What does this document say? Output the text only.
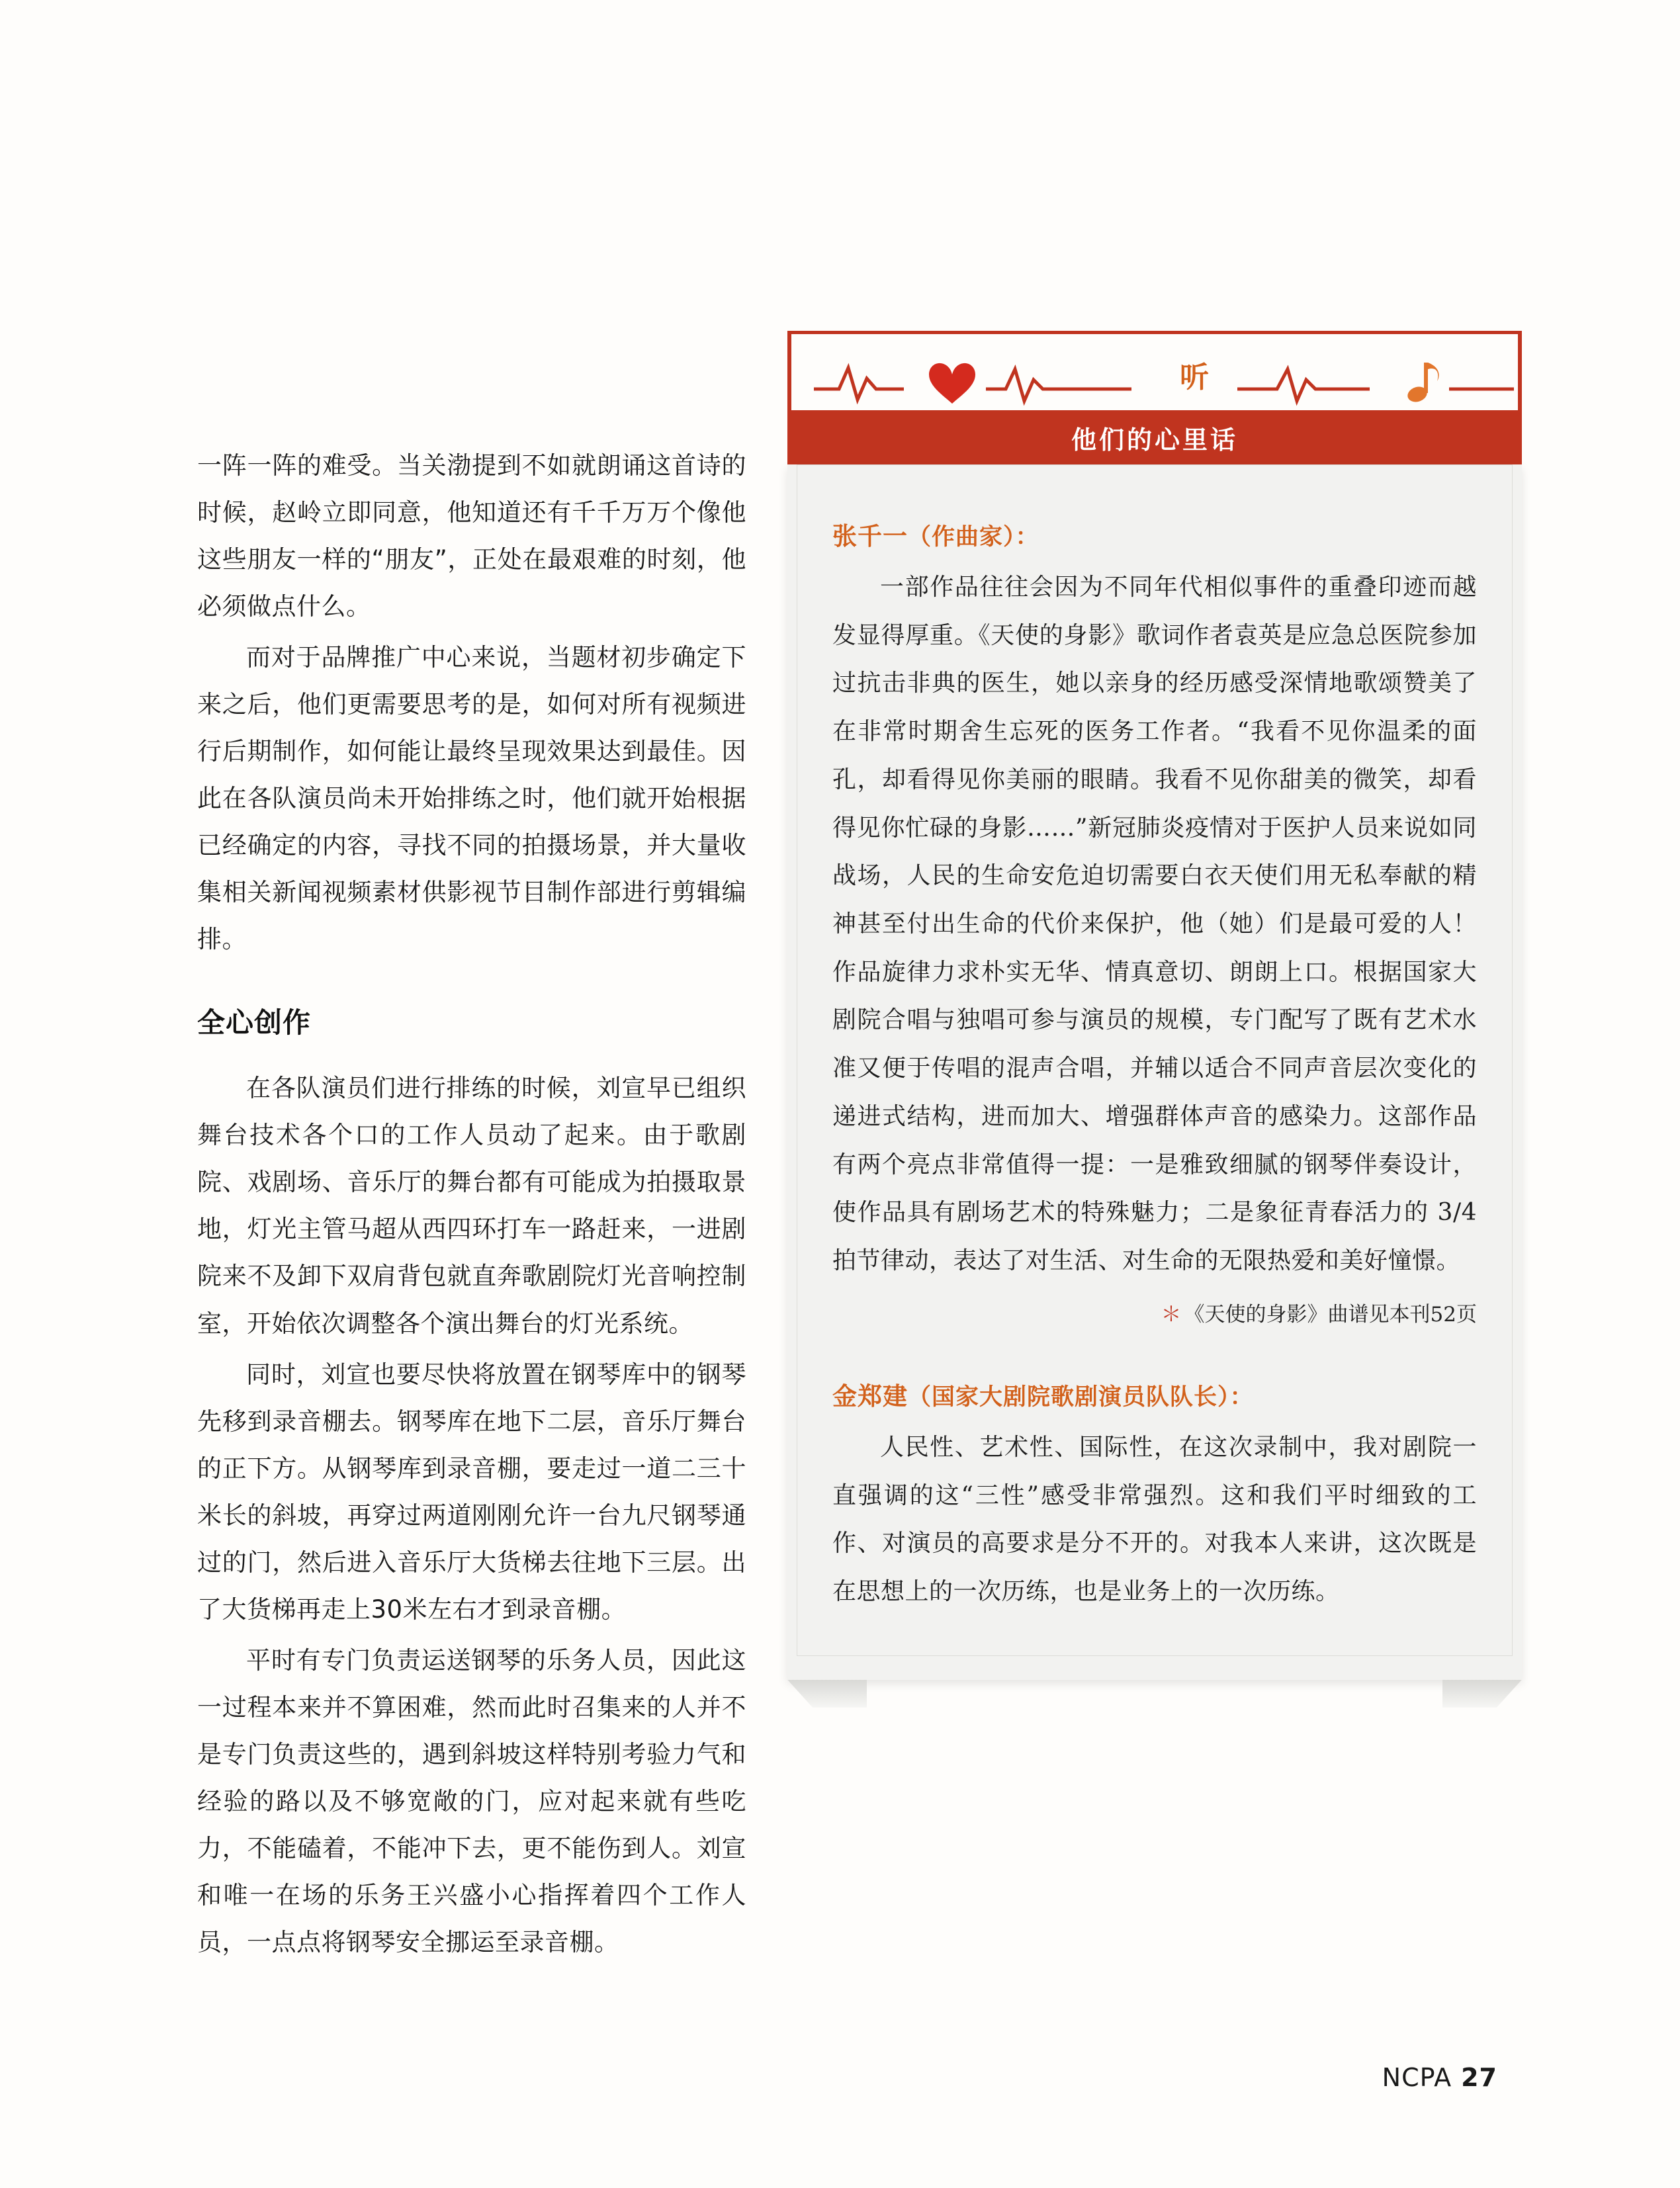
一阵一阵的难受。当关渤提到不如就朗诵这首诗的时候，赵岭立即同意，他知道还有千千万万个像他这些朋友一样的“朋友”，正处在最艰难的时刻，他必须做点什么。

而对于品牌推广中心来说，当题材初步确定下来之后，他们更需要思考的是，如何对所有视频进行后期制作，如何能让最终呈现效果达到最佳。因此在各队演员尚未开始排练之时，他们就开始根据已经确定的内容，寻找不同的拍摄场景，并大量收集相关新闻视频素材供影视节目制作部进行剪辑编排。

全心创作

在各队演员们进行排练的时候，刘宣早已组织舞台技术各个口的工作人员动了起来。由于歌剧院、戏剧场、音乐厅的舞台都有可能成为拍摄取景地，灯光主管马超从西四环打车一路赶来，一进剧院来不及卸下双肩背包就直奔歌剧院灯光音响控制室，开始依次调整各个演出舞台的灯光系统。

同时，刘宣也要尽快将放置在钢琴库中的钢琴先移到录音棚去。钢琴库在地下二层，音乐厅舞台的正下方。从钢琴库到录音棚，要走过一道二三十米长的斜坡，再穿过两道刚刚允许一台九尺钢琴通过的门，然后进入音乐厅大货梯去往地下三层。出了大货梯再走上30米左右才到录音棚。

平时有专门负责运送钢琴的乐务人员，因此这一过程本来并不算困难，然而此时召集来的人并不是专门负责这些的，遇到斜坡这样特别考验力气和经验的路以及不够宽敞的门，应对起来就有些吃力，不能磕着，不能冲下去，更不能伤到人。刘宣和唯一在场的乐务王兴盛小心指挥着四个工作人员，一点点将钢琴安全挪运至录音棚。

听
他们的心里话

张千一（作曲家）：

一部作品往往会因为不同年代相似事件的重叠印迹而越发显得厚重。《天使的身影》歌词作者袁英是应急总医院参加过抗击非典的医生，她以亲身的经历感受深情地歌颂赞美了在非常时期舍生忘死的医务工作者。“我看不见你温柔的面孔，却看得见你美丽的眼睛。我看不见你甜美的微笑，却看得见你忙碌的身影……”新冠肺炎疫情对于医护人员来说如同战场，人民的生命安危迫切需要白衣天使们用无私奉献的精神甚至付出生命的代价来保护，他（她）们是最可爱的人！作品旋律力求朴实无华、情真意切、朗朗上口。根据国家大剧院合唱与独唱可参与演员的规模，专门配写了既有艺术水准又便于传唱的混声合唱，并辅以适合不同声音层次变化的递进式结构，进而加大、增强群体声音的感染力。这部作品有两个亮点非常值得一提：一是雅致细腻的钢琴伴奏设计，使作品具有剧场艺术的特殊魅力；二是象征青春活力的 3/4 拍节律动，表达了对生活、对生命的无限热爱和美好憧憬。

＊ 《天使的身影》曲谱见本刊52页

金郑建（国家大剧院歌剧演员队队长）：

人民性、艺术性、国际性，在这次录制中，我对剧院一直强调的这“三性”感受非常强烈。这和我们平时细致的工作、对演员的高要求是分不开的。对我本人来讲，这次既是在思想上的一次历练，也是业务上的一次历练。

NCPA 27
